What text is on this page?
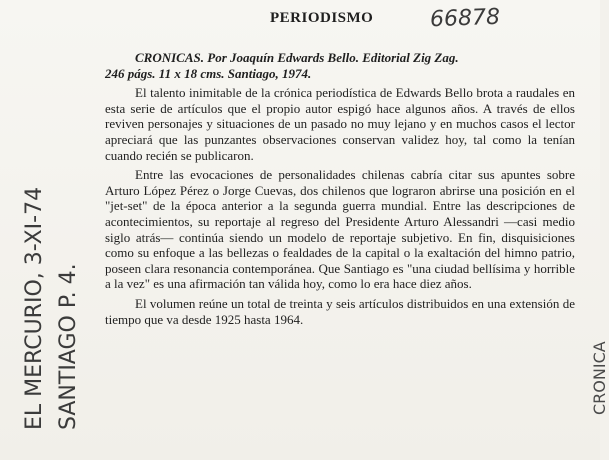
PERIODISMO	66878
EL MERCURIO, 3-XI-74 SANTIAGO P. 4.	CRONICA
CRONICAS. Por Joaquín Edwards Bello. Editorial Zig Zag.
246 págs. 11 x 18 cms. Santiago, 1974.

El talento inimitable de la crónica periodística de Edwards Bello brota a raudales en esta serie de artículos que el propio autor espigó hace algunos años. A través de ellos reviven personajes y situaciones de un pasado no muy lejano y en muchos casos el lector apreciará que las punzantes observaciones conservan validez hoy, tal como la tenían cuando recién se publicaron.

Entre las evocaciones de personalidades chilenas cabría citar sus apuntes sobre Arturo López Pérez o Jorge Cuevas, dos chilenos que lograron abrirse una posición en el "jet-set" de la época anterior a la segunda guerra mundial. Entre las descripciones de acontecimientos, su reportaje al regreso del Presidente Arturo Alessandri —casi medio siglo atrás— continúa siendo un modelo de reportaje subjetivo. En fin, disquisiciones como su enfoque a las bellezas o fealdades de la capital o la exaltación del himno patrio, poseen clara resonancia contemporánea. Que Santiago es "una ciudad bellísima y horrible a la vez" es una afirmación tan válida hoy, como lo era hace diez años.

El volumen reúne un total de treinta y seis artículos distribuidos en una extensión de tiempo que va desde 1925 hasta 1964.
